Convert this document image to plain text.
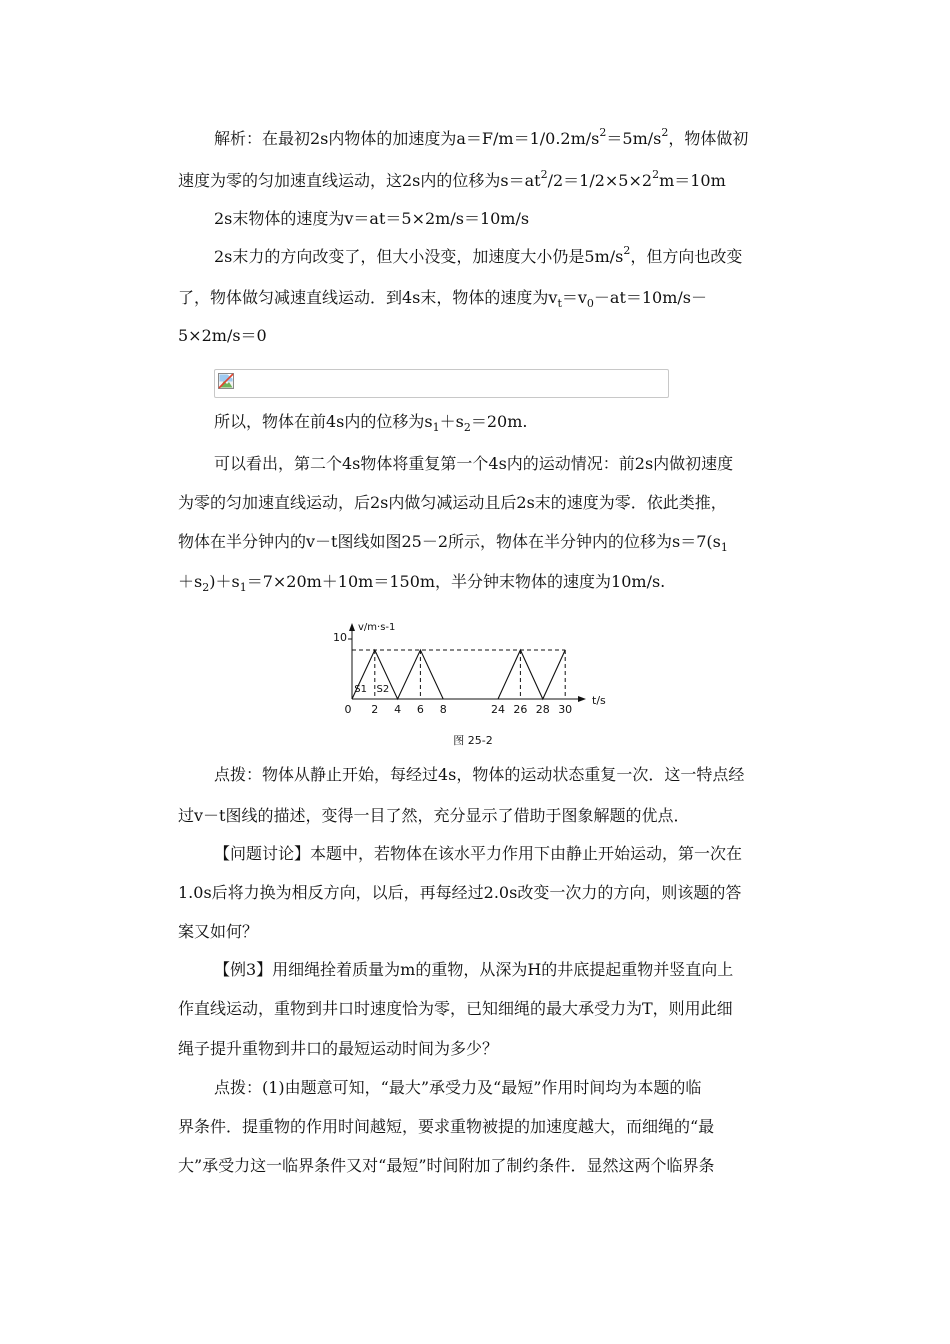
解析：在最初2s内物体的加速度为$a=F/m=1/0.2m/s^2=5m/s^2$，物体做初
速度为零的匀加速直线运动，这2s内的位移为$s=at^2/2=1/2\times 5\times 2^2m=10m$
2s末物体的速度为v＝at＝5×2m/s＝10m/s
2s末力的方向改变了，但大小没变，加速度大小仍是$5m/s^2$，但方向也改变
了，物体做匀减速直线运动．到4s末，物体的速度为$v_t=v_0-at=10m/s-$
5×2m/s＝0
所以，物体在前4s内的位移为$s_1+s_2=20m$.
可以看出，第二个4s物体将重复第一个4s内的运动情况：前2s内做初速度
为零的匀加速直线运动，后2s内做匀减运动且后2s末的速度为零．依此类推，
物体在半分钟内的v－t图线如图25－2所示，物体在半分钟内的位移为$s=7(s_1$
$+s_2)+s_1=7\times 20m+10m=150m$，半分钟末物体的速度为10m/s.
0 2 4 6 8	24 26 28 30
10
v/m·s-1
t/s
S1 S2
图 25-2
点拨：物体从静止开始，每经过4s，物体的运动状态重复一次．这一特点经
过v－t图线的描述，变得一目了然，充分显示了借助于图象解题的优点．
【问题讨论】本题中，若物体在该水平力作用下由静止开始运动，第一次在
1.0s后将力换为相反方向，以后，再每经过2.0s改变一次力的方向，则该题的答
案又如何？
【例3】用细绳拴着质量为m的重物，从深为H的井底提起重物并竖直向上
作直线运动，重物到井口时速度恰为零，已知细绳的最大承受力为T，则用此细
绳子提升重物到井口的最短运动时间为多少？
点拨：(1)由题意可知，“最大”承受力及“最短”作用时间均为本题的临
界条件．提重物的作用时间越短，要求重物被提的加速度越大，而细绳的“最
大”承受力这一临界条件又对“最短”时间附加了制约条件．显然这两个临界条
